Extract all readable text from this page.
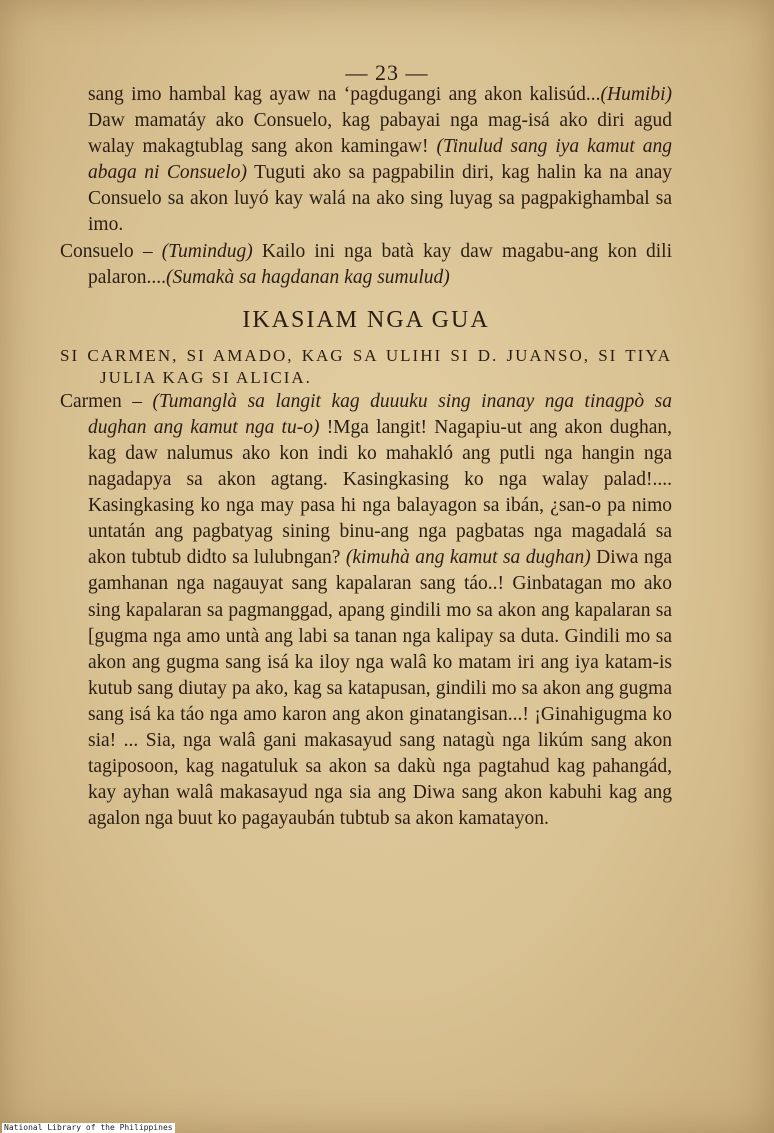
— 23 —

sang imo hambal kag ayaw na ‘pagdugangi ang akon kalisúd...(Humibi) Daw mamatáy ako Consuelo, kag pabayai nga mag-isá ako diri agud walay makagtublag sang akon kamingaw! (Tinulud sang iya kamut ang abaga ni Consuelo) Tuguti ako sa pagpabilin diri, kag halin ka na anay Consuelo sa akon luyó kay walá na ako sing luyag sa pagpakighambal sa imo.

Consuelo – (Tumindug) Kailo ini nga batà kay daw magabu-ang kon dili palaron....(Sumakà sa hagdanan kag sumulud)

IKASIAM NGA GUA

SI CARMEN, SI AMADO, KAG SA ULIHI SI D. JUANSO, SI TIYA JULIA KAG SI ALICIA.

Carmen – (Tumanglà sa langit kag duuuku sing inanay nga tinagpò sa dughan ang kamut nga tu-o) !Mga langit! Nagapiu-ut ang akon dughan, kag daw nalumus ako kon indi ko mahakló ang putli nga hangin nga nagadapya sa akon agtang. Kasingkasing ko nga walay palad!.... Kasingkasing ko nga may pasa hi nga balayagon sa ibán, ¿san-o pa nimo untatán ang pagbatyag sining binu-ang nga pagbatas nga magadalá sa akon tubtub didto sa lulubngan? (kimuhà ang kamut sa dughan) Diwa nga gamhanan nga nagauyat sang kapalaran sang táo..! Ginbatagan mo ako sing kapalaran sa pagmanggad, apang gindili mo sa akon ang kapalaran sa [gugma nga amo untà ang labi sa tanan nga kalipay sa duta. Gindili mo sa akon ang gugma sang isá ka iloy nga walâ ko matam iri ang iya katam-is kutub sang diutay pa ako, kag sa katapusan, gindili mo sa akon ang gugma sang isá ka táo nga amo karon ang akon ginatangisan...! ¡Ginahigugma ko sia! ... Sia, nga walâ gani makasayud sang natagù nga likúm sang akon tagiposoon, kag nagatuluk sa akon sa dakù nga pagtahud kag pahangád, kay ayhan walâ makasayud nga sia ang Diwa sang akon kabuhi kag ang agalon nga buut ko pagayaubán tubtub sa akon kamatayon.

National Library of the Philippines
